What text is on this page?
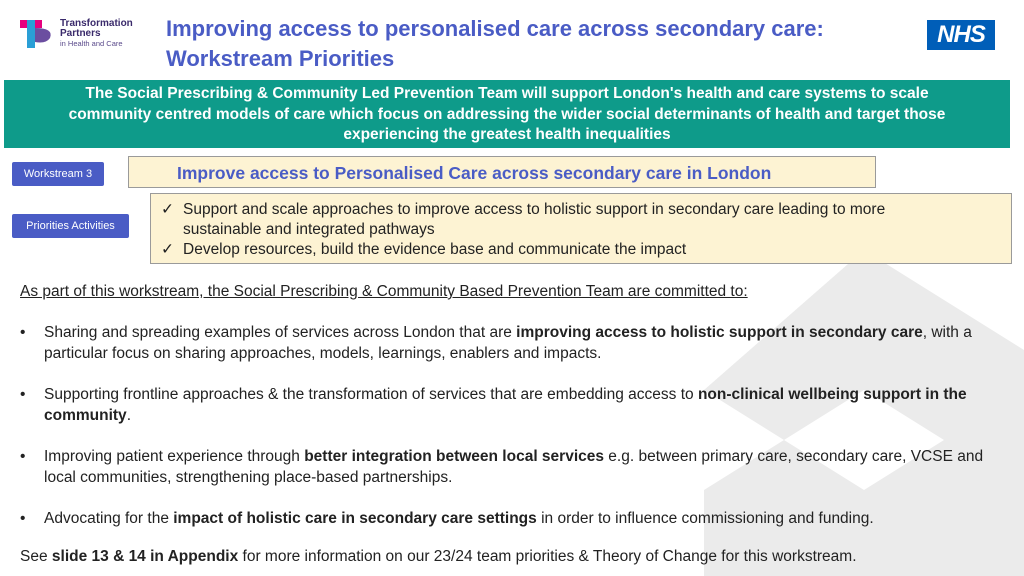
Transformation
Partners
in Health and Care
Improving access to personalised care across secondary care:
Workstream Priorities
NHS
The Social Prescribing & Community Led Prevention Team will support London's health and care systems to scale
community centred models of care which focus on addressing the wider social determinants of health and target those
experiencing the greatest health inequalities
Workstream 3	Improve access to Personalised Care across secondary care in London
Priorities Activities
✓ Support and scale approaches to improve access to holistic support in secondary care leading to more
sustainable and integrated pathways
✓ Develop resources, build the evidence base and communicate the impact
As part of this workstream, the Social Prescribing & Community Based Prevention Team are committed to:
• Sharing and spreading examples of services across London that are improving access to holistic support in secondary care, with a particular focus on sharing approaches, models, learnings, enablers and impacts.
• Supporting frontline approaches & the transformation of services that are embedding access to non-clinical wellbeing support in the community.
• Improving patient experience through better integration between local services e.g. between primary care, secondary care, VCSE and local communities, strengthening place-based partnerships.
• Advocating for the impact of holistic care in secondary care settings in order to influence commissioning and funding.
See slide 13 & 14 in Appendix for more information on our 23/24 team priorities & Theory of Change for this workstream.
